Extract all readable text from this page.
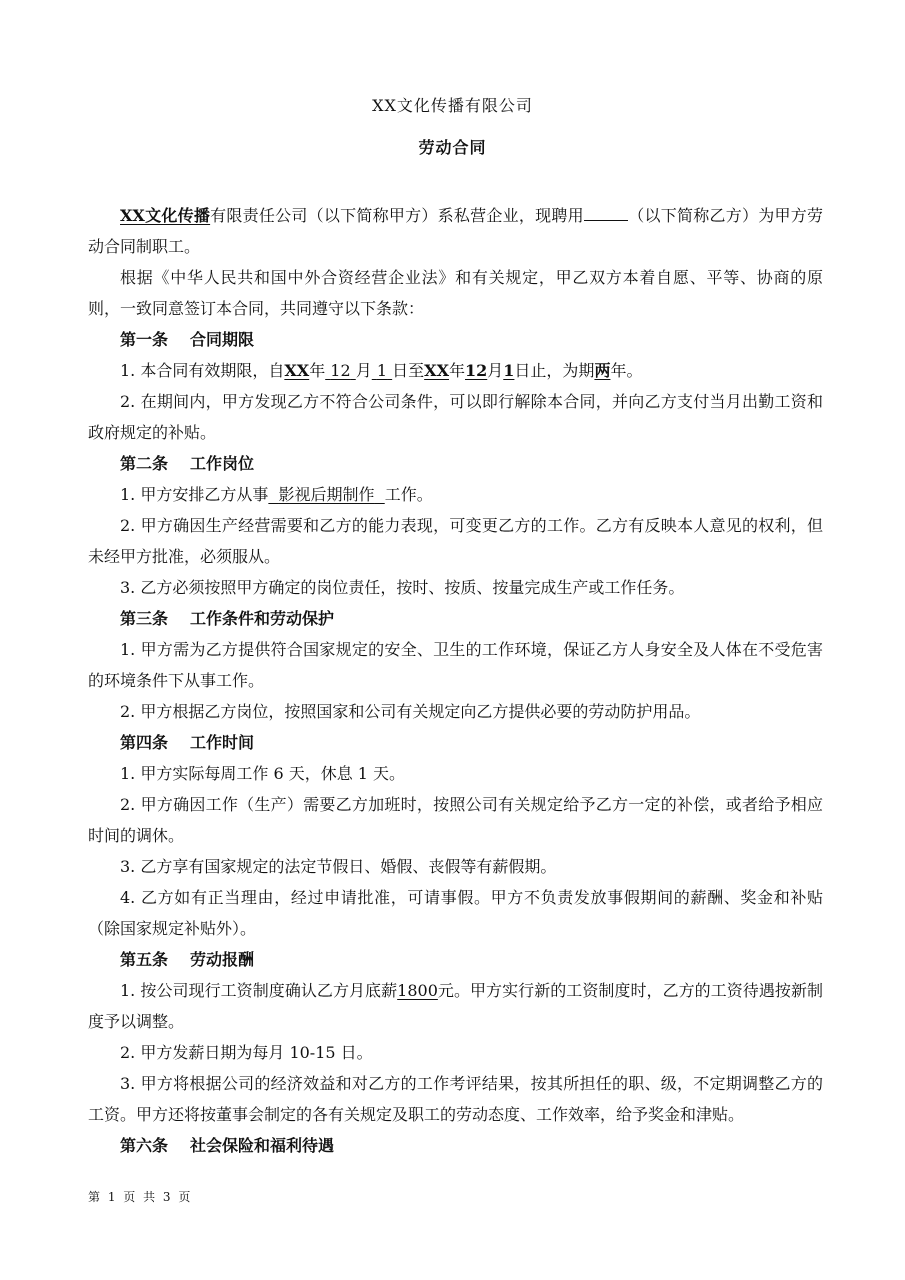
XX文化传播有限公司
劳动合同

XX文化传播有限责任公司（以下简称甲方）系私营企业，现聘用	（以下简称乙方）为甲方劳动合同制职工。

根据《中华人民共和国中外合资经营企业法》和有关规定，甲乙双方本着自愿、平等、协商的原则，一致同意签订本合同，共同遵守以下条款：

第一条 合同期限

1. 本合同有效期限，自XX年 12 月 1 日至XX年12月1日止，为期两年。

2. 在期间内，甲方发现乙方不符合公司条件，可以即行解除本合同，并向乙方支付当月出勤工资和政府规定的补贴。

第二条 工作岗位

1. 甲方安排乙方从事 影视后期制作 工作。

2. 甲方确因生产经营需要和乙方的能力表现，可变更乙方的工作。乙方有反映本人意见的权利，但未经甲方批准，必须服从。

3. 乙方必须按照甲方确定的岗位责任，按时、按质、按量完成生产或工作任务。

第三条 工作条件和劳动保护

1. 甲方需为乙方提供符合国家规定的安全、卫生的工作环境，保证乙方人身安全及人体在不受危害的环境条件下从事工作。

2. 甲方根据乙方岗位，按照国家和公司有关规定向乙方提供必要的劳动防护用品。

第四条 工作时间

1. 甲方实际每周工作 6 天，休息 1 天。

2. 甲方确因工作（生产）需要乙方加班时，按照公司有关规定给予乙方一定的补偿，或者给予相应时间的调休。

3. 乙方享有国家规定的法定节假日、婚假、丧假等有薪假期。

4. 乙方如有正当理由，经过申请批准，可请事假。甲方不负责发放事假期间的薪酬、奖金和补贴（除国家规定补贴外）。

第五条 劳动报酬

1. 按公司现行工资制度确认乙方月底薪1800元。甲方实行新的工资制度时，乙方的工资待遇按新制度予以调整。

2. 甲方发薪日期为每月 10-15 日。

3. 甲方将根据公司的经济效益和对乙方的工作考评结果，按其所担任的职、级，不定期调整乙方的工资。甲方还将按董事会制定的各有关规定及职工的劳动态度、工作效率，给予奖金和津贴。

第六条 社会保险和福利待遇

第 1 页 共 3 页
